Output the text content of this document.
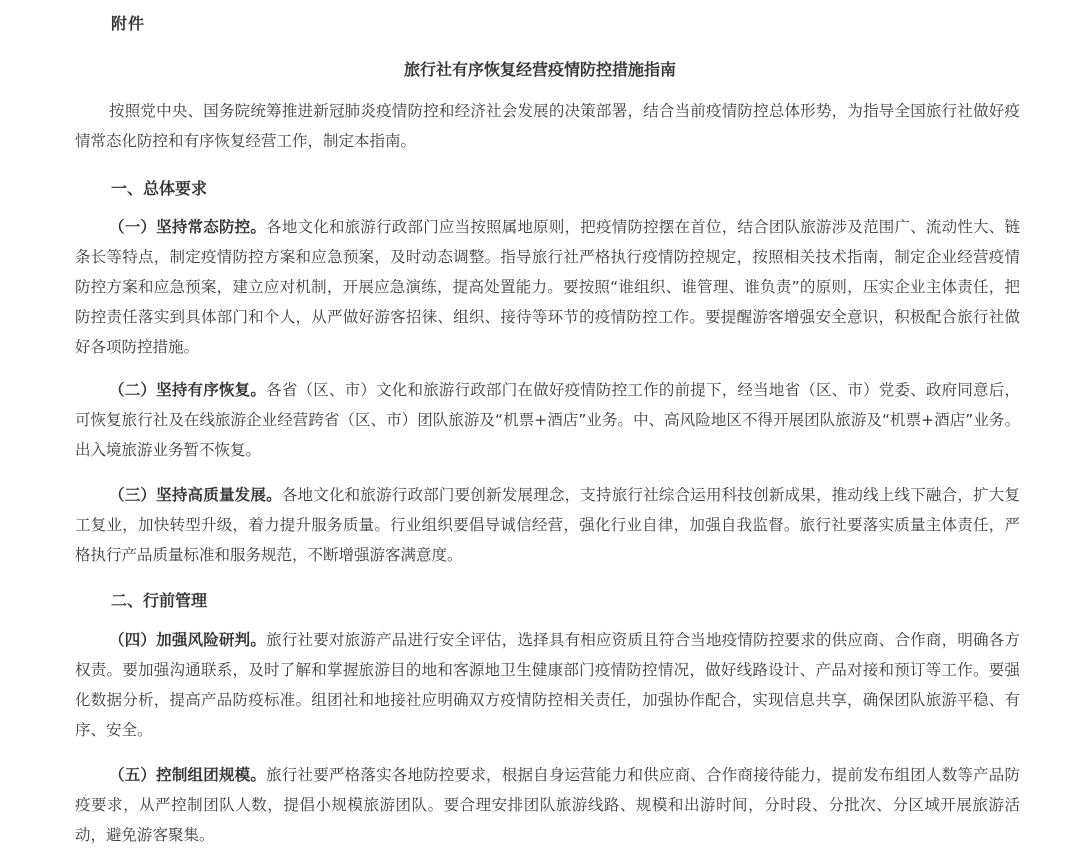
附件
旅行社有序恢复经营疫情防控措施指南

按照党中央、国务院统筹推进新冠肺炎疫情防控和经济社会发展的决策部署，结合当前疫情防控总体形势，为指导全国旅行社做好疫情常态化防控和有序恢复经营工作，制定本指南。

一、总体要求

（一）坚持常态防控。各地文化和旅游行政部门应当按照属地原则，把疫情防控摆在首位，结合团队旅游涉及范围广、流动性大、链条长等特点，制定疫情防控方案和应急预案，及时动态调整。指导旅行社严格执行疫情防控规定，按照相关技术指南，制定企业经营疫情防控方案和应急预案，建立应对机制，开展应急演练，提高处置能力。要按照“谁组织、谁管理、谁负责”的原则，压实企业主体责任，把防控责任落实到具体部门和个人，从严做好游客招徕、组织、接待等环节的疫情防控工作。要提醒游客增强安全意识，积极配合旅行社做好各项防控措施。

（二）坚持有序恢复。各省（区、市）文化和旅游行政部门在做好疫情防控工作的前提下，经当地省（区、市）党委、政府同意后，可恢复旅行社及在线旅游企业经营跨省（区、市）团队旅游及“机票+酒店”业务。中、高风险地区不得开展团队旅游及“机票+酒店”业务。出入境旅游业务暂不恢复。

（三）坚持高质量发展。各地文化和旅游行政部门要创新发展理念，支持旅行社综合运用科技创新成果，推动线上线下融合，扩大复工复业，加快转型升级，着力提升服务质量。行业组织要倡导诚信经营，强化行业自律，加强自我监督。旅行社要落实质量主体责任，严格执行产品质量标准和服务规范，不断增强游客满意度。

二、行前管理

（四）加强风险研判。旅行社要对旅游产品进行安全评估，选择具有相应资质且符合当地疫情防控要求的供应商、合作商，明确各方权责。要加强沟通联系，及时了解和掌握旅游目的地和客源地卫生健康部门疫情防控情况，做好线路设计、产品对接和预订等工作。要强化数据分析，提高产品防疫标准。组团社和地接社应明确双方疫情防控相关责任，加强协作配合，实现信息共享，确保团队旅游平稳、有序、安全。

（五）控制组团规模。旅行社要严格落实各地防控要求，根据自身运营能力和供应商、合作商接待能力，提前发布组团人数等产品防疫要求，从严控制团队人数，提倡小规模旅游团队。要合理安排团队旅游线路、规模和出游时间，分时段、分批次、分区域开展旅游活动，避免游客聚集。
